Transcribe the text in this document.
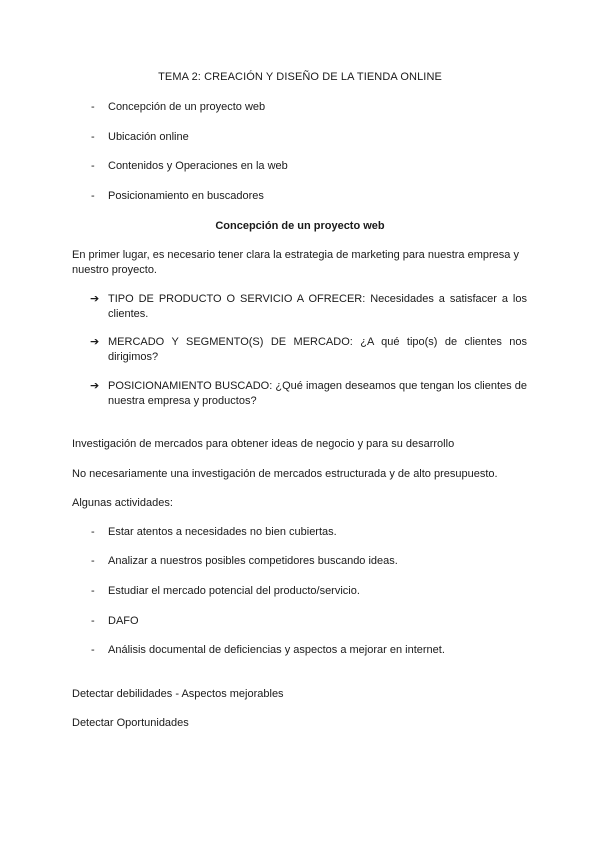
TEMA 2: CREACIÓN Y DISEÑO DE LA TIENDA ONLINE
-	Concepción de un proyecto web
-	Ubicación online
-	Contenidos y Operaciones en la web
-	Posicionamiento en buscadores
Concepción de un proyecto web
En primer lugar, es necesario tener clara la estrategia de marketing para nuestra empresa y nuestro proyecto.
➔ TIPO DE PRODUCTO O SERVICIO A OFRECER: Necesidades a satisfacer a los clientes.
➔ MERCADO Y SEGMENTO(S) DE MERCADO: ¿A qué tipo(s) de clientes nos dirigimos?
➔ POSICIONAMIENTO BUSCADO: ¿Qué imagen deseamos que tengan los clientes de nuestra empresa y productos?
Investigación de mercados para obtener ideas de negocio y para su desarrollo
No necesariamente una investigación de mercados estructurada y de alto presupuesto.
Algunas actividades:
-	Estar atentos a necesidades no bien cubiertas.
-	Analizar a nuestros posibles competidores buscando ideas.
-	Estudiar el mercado potencial del producto/servicio.
-	DAFO
-	Análisis documental de deficiencias y aspectos a mejorar en internet.
Detectar debilidades - Aspectos mejorables
Detectar Oportunidades
